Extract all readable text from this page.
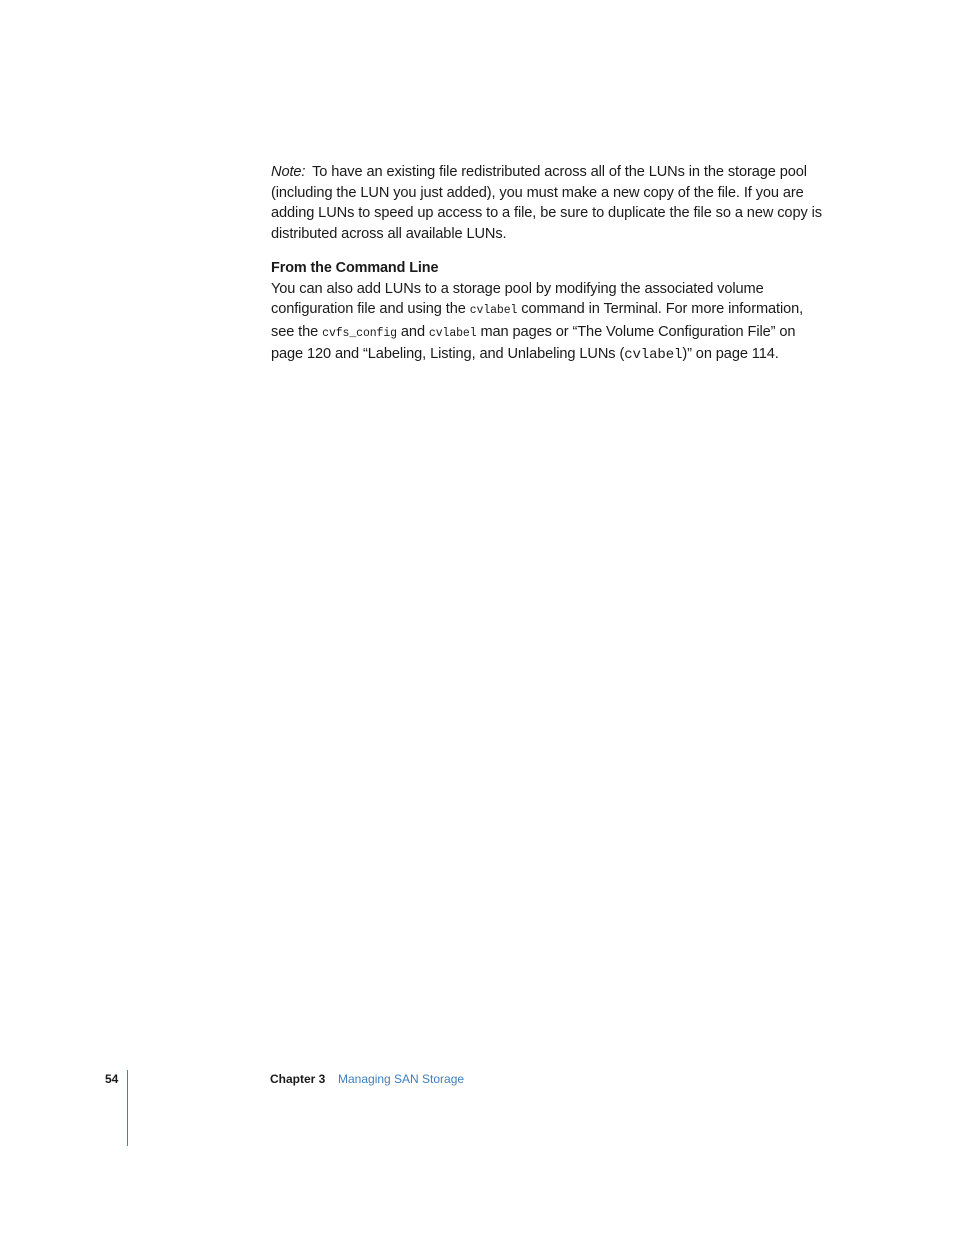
Note: To have an existing file redistributed across all of the LUNs in the storage pool (including the LUN you just added), you must make a new copy of the file. If you are adding LUNs to speed up access to a file, be sure to duplicate the file so a new copy is distributed across all available LUNs.

From the Command Line

You can also add LUNs to a storage pool by modifying the associated volume configuration file and using the cvlabel command in Terminal. For more information, see the cvfs_config and cvlabel man pages or “The Volume Configuration File” on page 120 and “Labeling, Listing, and Unlabeling LUNs (cvlabel)” on page 114.

54	Chapter 3 Managing SAN Storage
